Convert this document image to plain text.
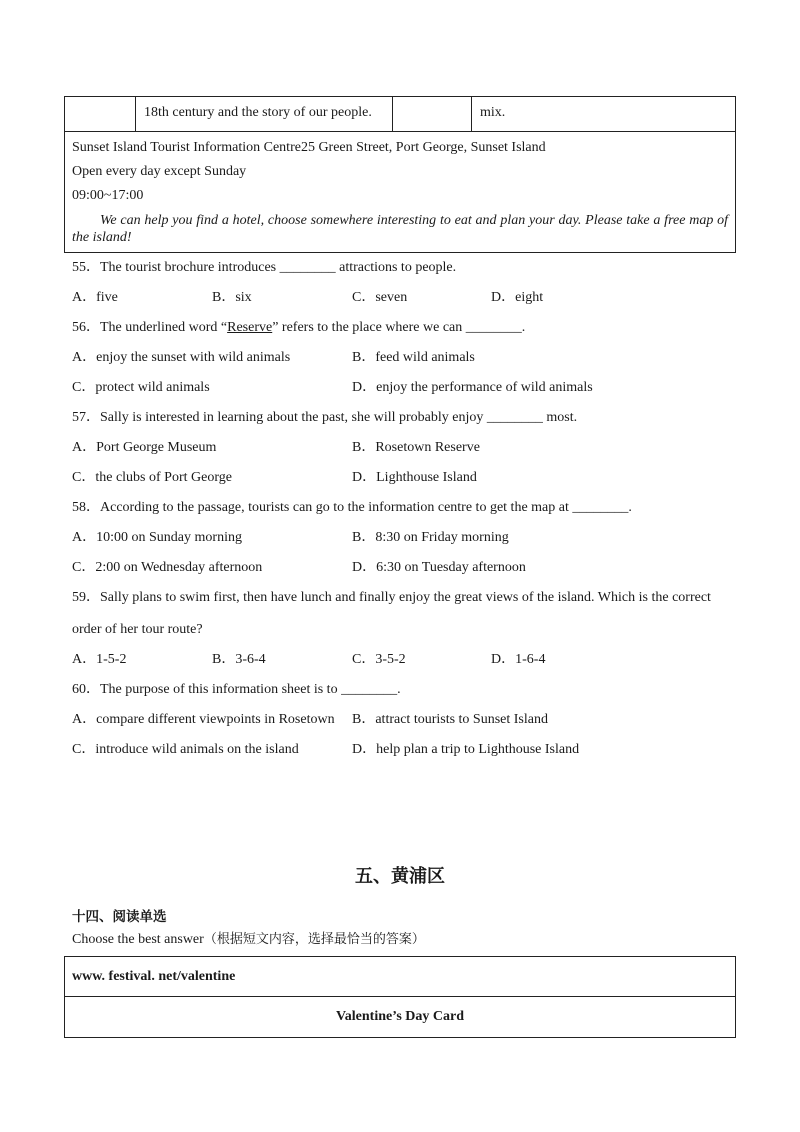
18th century and the story of our people.		mix.

Sunset Island Tourist Information Centre25 Green Street, Port George, Sunset Island

Open every day except Sunday

09:00~17:00

We can help you find a hotel, choose somewhere interesting to eat and plan your day. Please take a free map of the island!

55．The tourist brochure introduces ________ attractions to people.
A．five	B．six	C．seven	D．eight
56．The underlined word “Reserve” refers to the place where we can ________.
A．enjoy the sunset with wild animals	B．feed wild animals
C．protect wild animals	D．enjoy the performance of wild animals
57．Sally is interested in learning about the past, she will probably enjoy ________ most.
A．Port George Museum	B．Rosetown Reserve
C．the clubs of Port George	D．Lighthouse Island
58．According to the passage, tourists can go to the information centre to get the map at ________.
A．10:00 on Sunday morning	B．8:30 on Friday morning
C．2:00 on Wednesday afternoon	D．6:30 on Tuesday afternoon
59．Sally plans to swim first, then have lunch and finally enjoy the great views of the island. Which is the correct order of her tour route?
A．1-5-2	B．3-6-4	C．3-5-2	D．1-6-4
60．The purpose of this information sheet is to ________.
A．compare different viewpoints in Rosetown B．attract tourists to Sunset Island
C．introduce wild animals on the island	D．help plan a trip to Lighthouse Island
五、黄浦区
十四、阅读单选
Choose the best answer（根据短文内容，选择最恰当的答案）
www. festival. net/valentine
Valentine’s Day Card
